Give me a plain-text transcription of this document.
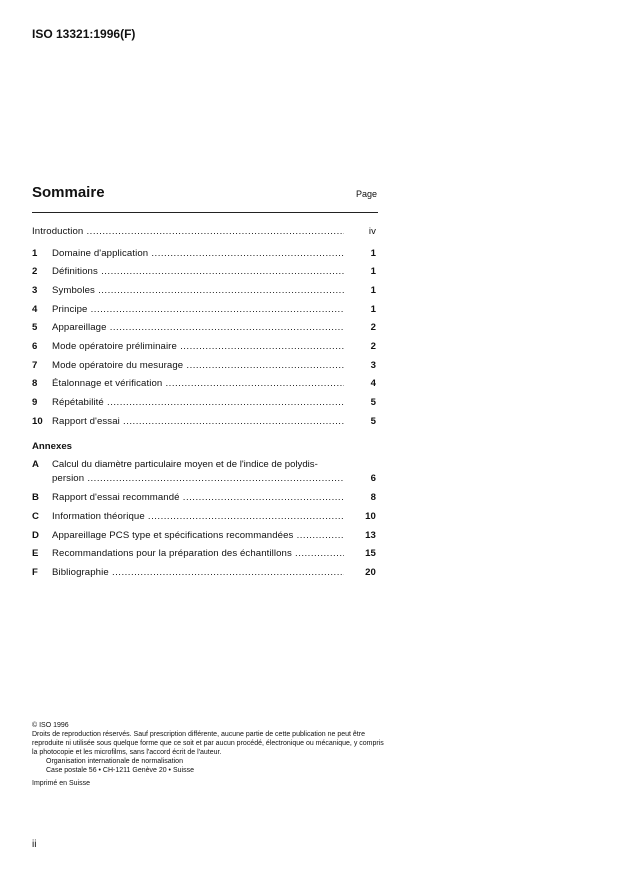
ISO 13321:1996(F)
Sommaire	Page
Introduction .....	iv
1	Domaine d'application .....	1
2	Définitions .....	1
3	Symboles .....	1
4	Principe .....	1
5	Appareillage .....	2
6	Mode opératoire préliminaire .....	2
7	Mode opératoire du mesurage .....	3
8	Étalonnage et vérification .....	4
9	Répétabilité .....	5
10 Rapport d'essai .....	5
Annexes
A	Calcul du diamètre particulaire moyen et de l'indice de polydis-
persion .....	6
B	Rapport d'essai recommandé .....	8
C	Information théorique .....	10
D	Appareillage PCS type et spécifications recommandées .....	13
E	Recommandations pour la préparation des échantillons .....	15
F	Bibliographie .....	20
© ISO 1996
Droits de reproduction réservés. Sauf prescription différente, aucune partie de cette publication ne peut être reproduite ni utilisée sous quelque forme que ce soit et par aucun procédé, électronique ou mécanique, y compris la photocopie et les microfilms, sans l'accord écrit de l'auteur.
Organisation internationale de normalisation
Case postale 56 • CH-1211 Genève 20 • Suisse
Imprimé en Suisse
ii
